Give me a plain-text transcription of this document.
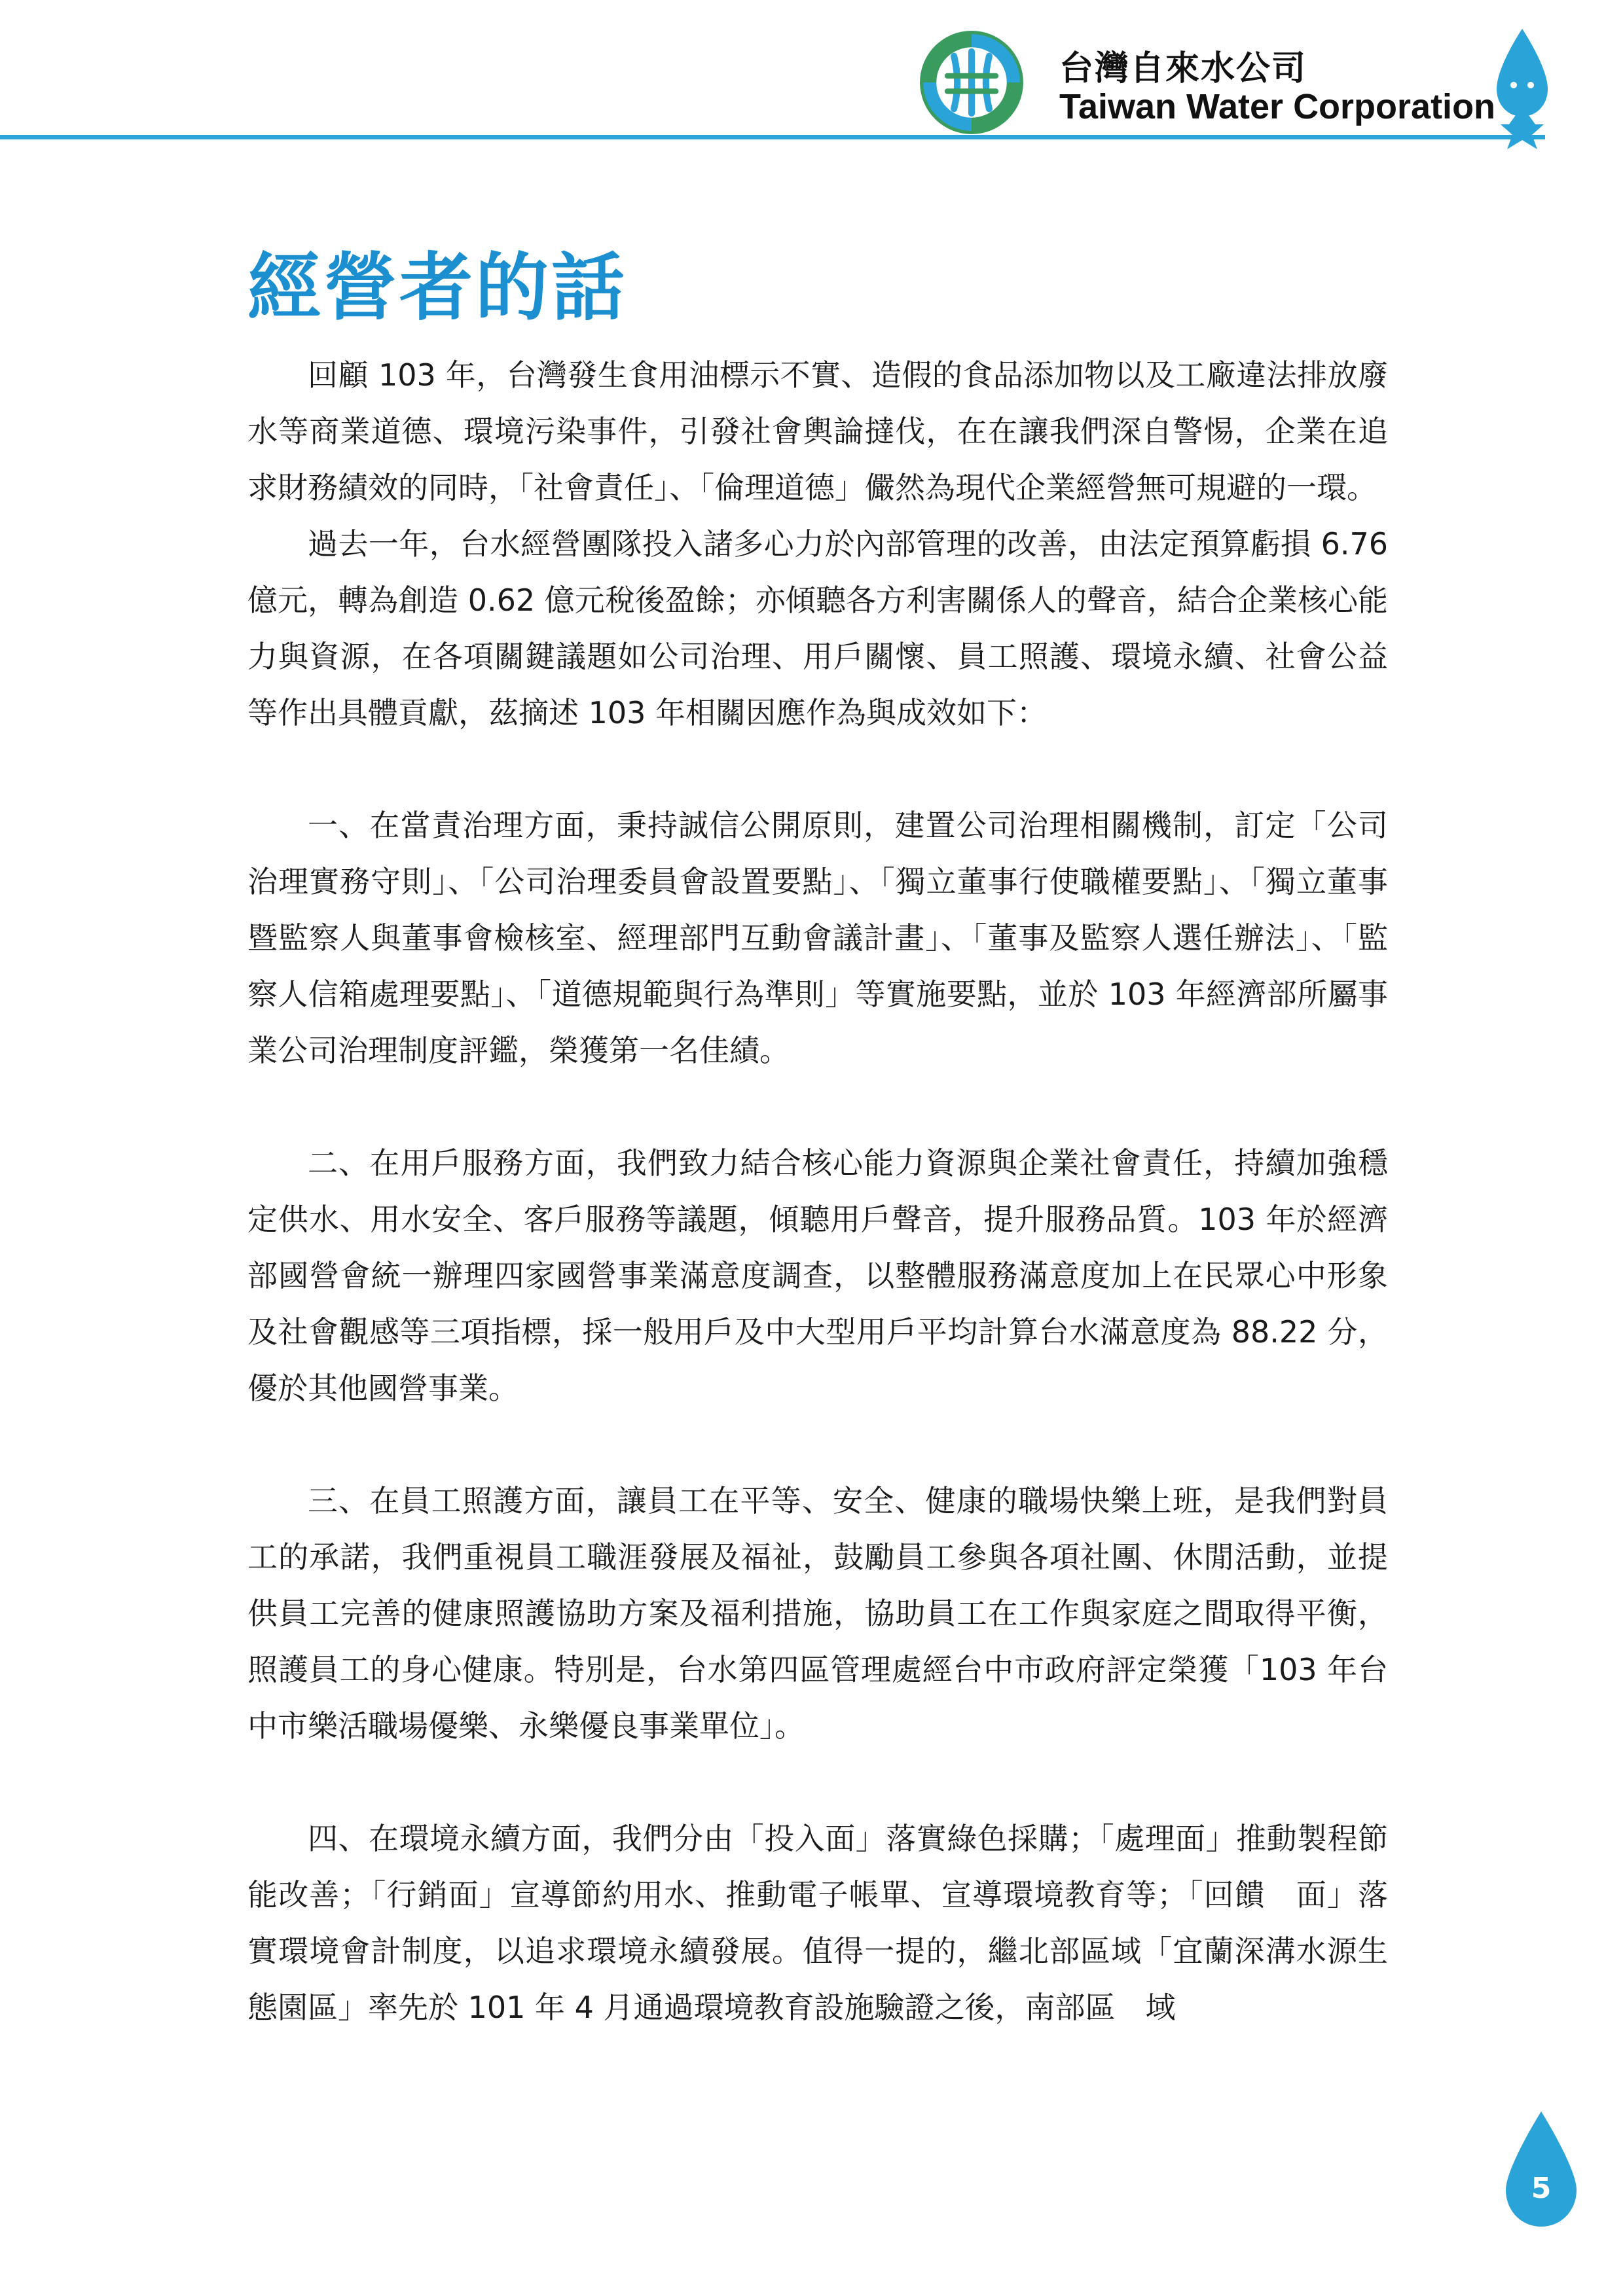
台灣自來水公司
Taiwan Water Corporation
經營者的話

回顧 103 年，台灣發生食用油標示不實、造假的食品添加物以及工廠違法排放廢水等商業道德、環境污染事件，引發社會輿論撻伐，在在讓我們深自警惕，企業在追求財務績效的同時，「社會責任」、「倫理道德」儼然為現代企業經營無可規避的一環。

過去一年，台水經營團隊投入諸多心力於內部管理的改善，由法定預算虧損 6.76 億元，轉為創造 0.62 億元稅後盈餘；亦傾聽各方利害關係人的聲音，結合企業核心能力與資源，在各項關鍵議題如公司治理、用戶關懷、員工照護、環境永續、社會公益等作出具體貢獻，茲摘述 103 年相關因應作為與成效如下：

一、在當責治理方面，秉持誠信公開原則，建置公司治理相關機制，訂定「公司治理實務守則」、「公司治理委員會設置要點」、「獨立董事行使職權要點」、「獨立董事暨監察人與董事會檢核室、經理部門互動會議計畫」、「董事及監察人選任辦法」、「監察人信箱處理要點」、「道德規範與行為準則」等實施要點，並於 103 年經濟部所屬事業公司治理制度評鑑，榮獲第一名佳績。

二、在用戶服務方面，我們致力結合核心能力資源與企業社會責任，持續加強穩定供水、用水安全、客戶服務等議題，傾聽用戶聲音，提升服務品質。103 年於經濟部國營會統一辦理四家國營事業滿意度調查，以整體服務滿意度加上在民眾心中形象及社會觀感等三項指標，採一般用戶及中大型用戶平均計算台水滿意度為 88.22 分，優於其他國營事業。

三、在員工照護方面，讓員工在平等、安全、健康的職場快樂上班，是我們對員工的承諾，我們重視員工職涯發展及福祉，鼓勵員工參與各項社團、休閒活動，並提供員工完善的健康照護協助方案及福利措施，協助員工在工作與家庭之間取得平衡，照護員工的身心健康。特別是，台水第四區管理處經台中市政府評定榮獲「103 年台中市樂活職場優樂、永樂優良事業單位」。

四、在環境永續方面，我們分由「投入面」落實綠色採購；「處理面」推動製程節　能改善；「行銷面」宣導節約用水、推動電子帳單、宣導環境教育等；「回饋　面」落實環境會計制度，以追求環境永續發展。值得一提的，繼北部區域「宜蘭深溝水源生態園區」率先於 101 年 4 月通過環境教育設施驗證之後，南部區　域

5
